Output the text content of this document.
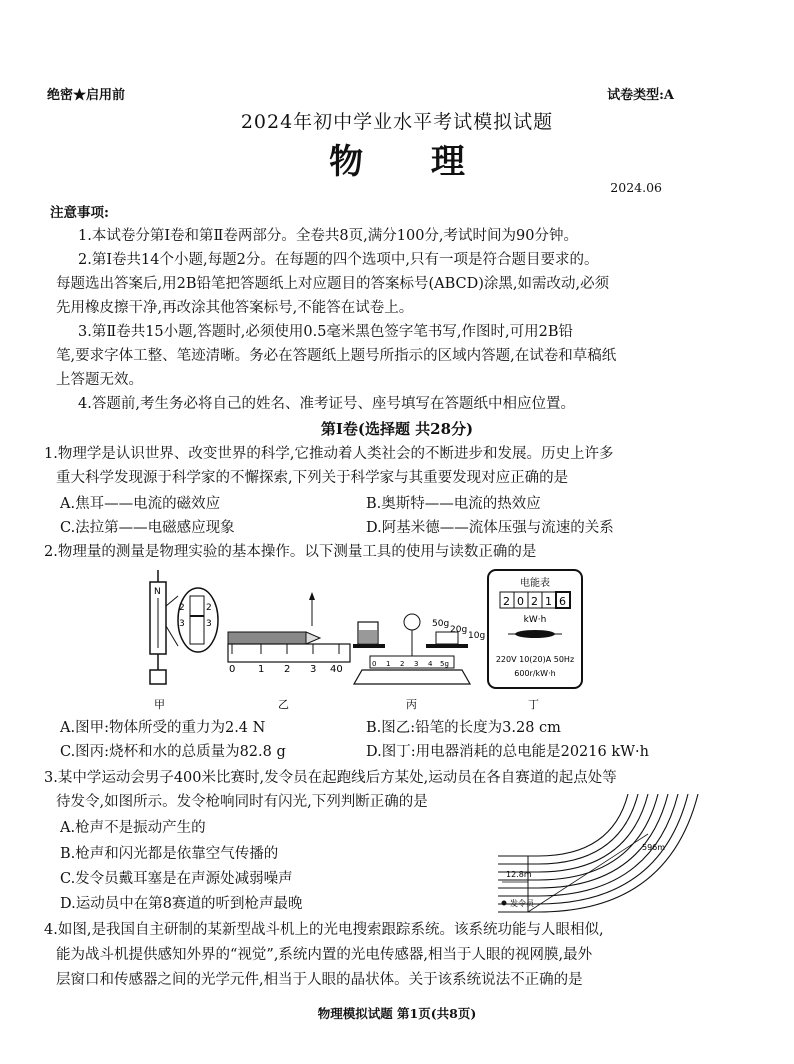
绝密★启用前	试卷类型:A
2024年初中学业水平考试模拟试题
物 理
2024.06
注意事项:
1.本试卷分第Ⅰ卷和第Ⅱ卷两部分。全卷共8页,满分100分,考试时间为90分钟。
2.第Ⅰ卷共14个小题,每题2分。在每题的四个选项中,只有一项是符合题目要求的。
每题选出答案后,用2B铅笔把答题纸上对应题目的答案标号(ABCD)涂黑,如需改动,必须
先用橡皮擦干净,再改涂其他答案标号,不能答在试卷上。
3.第Ⅱ卷共15小题,答题时,必须使用0.5毫米黑色签字笔书写,作图时,可用2B铅
笔,要求字体工整、笔迹清晰。务必在答题纸上题号所指示的区域内答题,在试卷和草稿纸
上答题无效。
4.答题前,考生务必将自己的姓名、准考证号、座号填写在答题纸中相应位置。
第Ⅰ卷(选择题 共28分)
1.物理学是认识世界、改变世界的科学,它推动着人类社会的不断进步和发展。历史上许多
重大科学发现源于科学家的不懈探索,下列关于科学家与其重要发现对应正确的是
A.焦耳——电流的磁效应	B.奥斯特——电流的热效应
C.法拉第——电磁感应现象	D.阿基米德——流体压强与流速的关系
2.物理量的测量是物理实验的基本操作。以下测量工具的使用与读数正确的是
N
2
3
2
3
甲
0 1 2 3 40
乙
50g
20g
10g
0 1 2 3 4 5g
丙
电能表
2 0 2 1 6
kW·h
220V 10(20)A 50Hz
600r/kW·h
丁
A.图甲:物体所受的重力为2.4 N	B.图乙:铅笔的长度为3.28 cm
C.图丙:烧杯和水的总质量为82.8 g	D.图丁:用电器消耗的总电能是20216 kW·h
3.某中学运动会男子400米比赛时,发令员在起跑线后方某处,运动员在各自赛道的起点处等
待发令,如图所示。发令枪响同时有闪光,下列判断正确的是
A.枪声不是振动产生的
B.枪声和闪光都是依靠空气传播的
C.发令员戴耳塞是在声源处减弱噪声
D.运动员中在第8赛道的听到枪声最晚
596m
12.8m
发令员
4.如图,是我国自主研制的某新型战斗机上的光电搜索跟踪系统。该系统功能与人眼相似,
能为战斗机提供感知外界的“视觉”,系统内置的光电传感器,相当于人眼的视网膜,最外
层窗口和传感器之间的光学元件,相当于人眼的晶状体。关于该系统说法不正确的是
物理模拟试题 第1页(共8页)
